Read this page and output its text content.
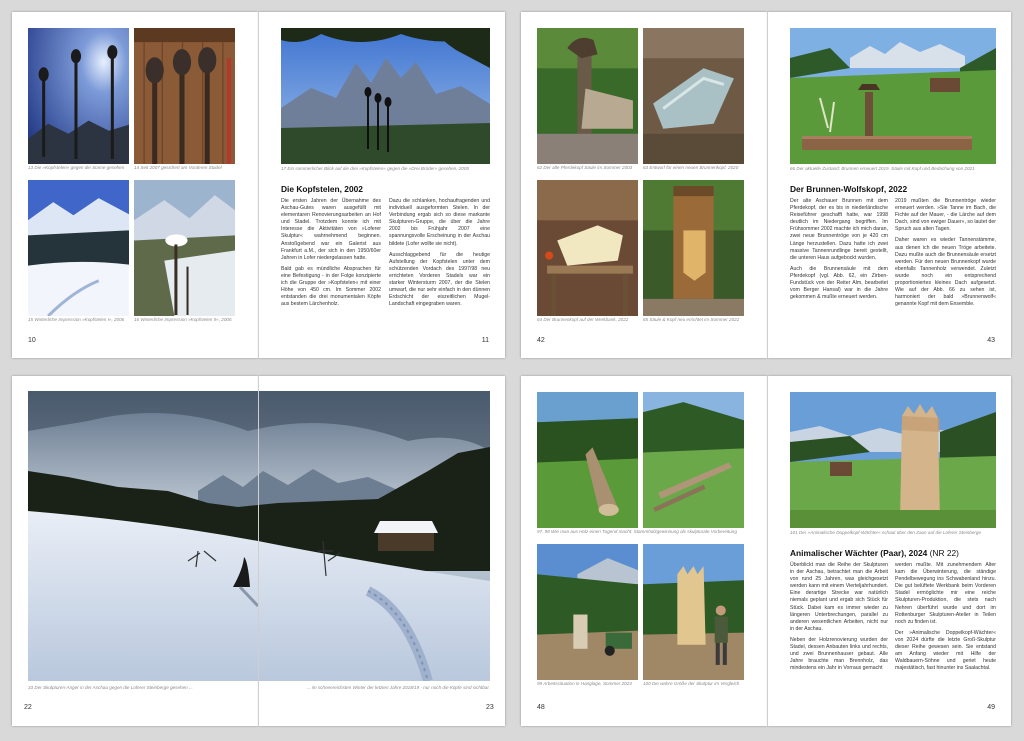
13 Die »Kopfstelen« gegen die Sonne gesehen	14 Seit 2007 gesichert am Vorderen Stadel
15 Winterliche Impression »Kopfstelen I«, 2006	16 Winterliche Impression »Kopfstelen II«, 2006
10
17 Ein sommerlicher Blick auf die drei »Kopfstelen« gegen die »Drei Brüder« gesehen, 2005
Die Kopfstelen, 2002

Die ersten Jahren der Übernahme des Aschau-Gutes waren ausgefüllt mit elementaren Renovierungsarbeiten an Hof und Stadel. Trotzdem konnte ich mit Interesse die Aktivitäten von »Loferer Skulptur« wahrnehmend beginnen. Anstoßgebend war ein Galerist aus Frankfurt a.M., der sich in den 1950/60er Jahren in Lofer niedergelassen hatte.

Bald gab es mündliche Absprachen für eine Befestigung - in der Folge konzipierte ich die Gruppe der »Kopfstelen« mit einer Höhe von 450 cm. Im Sommer 2002 entstanden die drei monumentalen Köpfe aus bestem Lärchenholz.

Dazu die schlanken, hochaufragenden und individuell ausgeformten Stelen. In der Verbindung ergab sich so diese markante Skulpturen-Gruppe, die über die Jahre 2002 bis Frühjahr 2007 eine spannungsvolle Erscheinung in der Aschau bildete (Lofer wollte sie nicht).

Ausschlaggebend für die heutige Aufstellung der Kopfstelen unter dem schützenden Vordach des 1997/98 neu errichteten Vorderen Stadels war ein starker Wintersturm 2007, der die Stelen umwarf, die nur sehr einfach in den dünnen Erdschicht der eiszeitlichen Mugel-Landschaft eingegraben waren.

11
62 Der alte Pferdekopf Säule im Sommer 2003	63 Entwurf für einen neuen Brunnenkopf, 2020
64 Der Brunnenkopf auf der Werkbank, 2022	65 Säule & Kopf neu errichtet im Sommer 2022
42
66 Der aktuelle Zustand: Brunnen erneuert 2019. Säule mit Kopf und Bedachung von 2021
Der Brunnen-Wolfskopf, 2022

Der alte Aschauer Brunnen mit dem Pferdekopf, der es bis in niederländische Reiseführer geschafft hatte, war 1998 deutlich im Niedergang begriffen. Im Frühsommer 2002 machte ich mich daran, zwei neue Brunnentröge von je 420 cm Länge herzustellen. Dazu hatte ich zwei massive Tannenrundlinge bereit gestellt, die unteren Haus aufgebockt wurden.

Auch die Brunnensäule mit dem Pferdekopf (vgl. Abb. 62, ein Zirben-Fundstück von der Reiter Alm, bearbeitet vom Berger Hansal) war in die Jahre gekommen & mußte erneuert werden.

2019 mußten die Brunnentröge wieder erneuert werden. »Sie Tanne im Bach, die Fichte auf der Mauer, - die Lärche auf dem Dach, sind von ewiger Dauer«, so lautet der Spruch aus alten Tagen.

Daher waren es wieder Tannenstämme, aus denen ich die neuen Tröge arbeitete. Dazu mußte auch die Brunnensäule ersetzt werden. Für den neuen Brunnenkopf wurde ebenfalls Tannenholz verwendet. Zuletzt wurde noch ein entsprechend proportioniertes kleines Dach aufgesetzt. Wie auf der Abb. 66 zu sehen ist, harmoniert der bald »Brunnenwolf« genannte Kopf mit dem Ensemble.

43
33 Der Skulpturen-Anger in der Aschau gegen die Loferer Steinberge gesehen ...	... im schneereichsten Winter der letzten Jahre 2018/19 - nur noch die Köpfe sind sichtbar.
22	23
97, 98 Wie man aus Holz einen Tugend macht: Stammholzgewinnung als skulpturale Vorbereitung
99 Arbeitssituation in Hanglage, Sommer 2024	100 Die wahre Größe der Skulptur im Vergleich
48
101 Der »Animalische Doppelkopf-Wächter« schaut über den Zaun auf die Loferer Steinberge
Animalischer Wächter (Paar), 2024 (NR 22)

Überblickt man die Reihe der Skulpturen in der Aschau, betrachtet man die Arbeit von rund 25 Jahren, was gleichgesetzt werden kann mit einem Vierteljahrhundert. Eine derartige Strecke war natürlich niemals geplant und ergab sich Stück für Stück. Dabei kam es immer wieder zu längeren Unterbrechungen, parallel zu anderen wesentlichen Arbeiten, nicht nur in der Aschau.

Neben der Holzrenovierung wurden der Stadel, dessen Anbauten links und rechts, und zwei Brunnenhauser gebaut. Alle Jahre brauchte man Brennholz, das mindestens ein Jahr in Vorraus gemacht

werden mußte. Mit zunehmendem Alter kam die Überwinterung, die ständige Pendelbewegung ins Schwabenland hinzu. Die gut belüftete Werkbank beim Vorderen Stadel ermöglichte mir eine reiche Skulpturen-Produktion, die stets nach Nehren überführt wurde und dort im Rottenburger Skulpturen-Atelier in Teilen noch zu finden ist.

Der »Animalische Doppelkopf-Wächter« von 2024 dürfte die letzte Groß-Skulptur dieser Reihe gewesen sein. Sie entstand am Anfang wieder mit Hilfe der Waldbauern-Söhne und geriet heute majestätisch, fast hinunter ins Saalachtal.

49
